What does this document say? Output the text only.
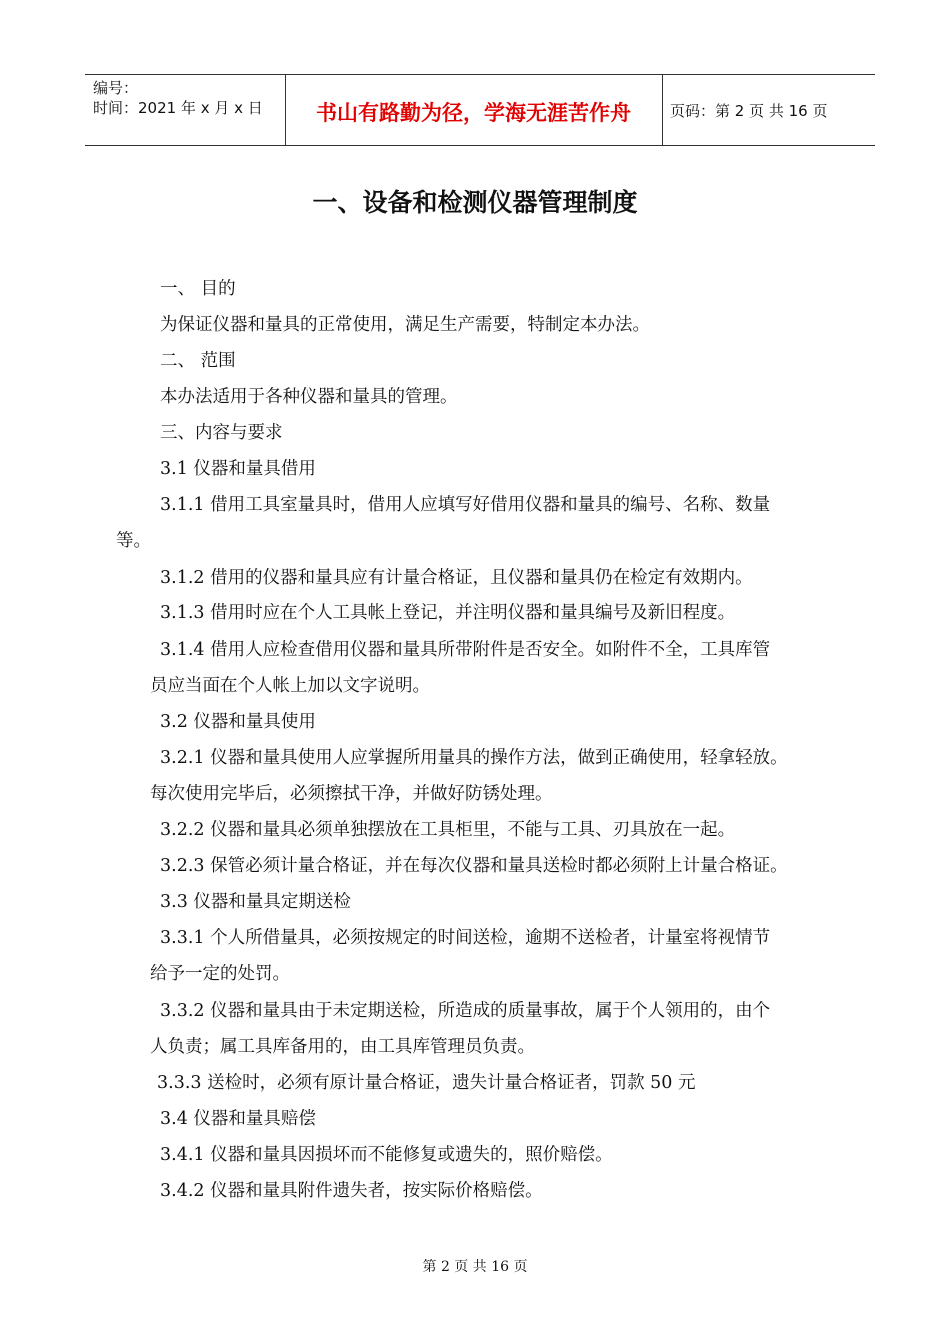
编号：
时间：2021 年 x 月 x 日	书山有路勤为径，学海无涯苦作舟	页码：第 2 页 共 16 页
一、设备和检测仪器管理制度
一、 目的
为保证仪器和量具的正常使用，满足生产需要，特制定本办法。
二、 范围
本办法适用于各种仪器和量具的管理。
三、内容与要求
3.1 仪器和量具借用
3.1.1 借用工具室量具时，借用人应填写好借用仪器和量具的编号、名称、数量
等。
3.1.2 借用的仪器和量具应有计量合格证，且仪器和量具仍在检定有效期内。
3.1.3 借用时应在个人工具帐上登记，并注明仪器和量具编号及新旧程度。
3.1.4 借用人应检查借用仪器和量具所带附件是否安全。如附件不全，工具库管
员应当面在个人帐上加以文字说明。
3.2 仪器和量具使用
3.2.1 仪器和量具使用人应掌握所用量具的操作方法，做到正确使用，轻拿轻放。
每次使用完毕后，必须擦拭干净，并做好防锈处理。
3.2.2 仪器和量具必须单独摆放在工具柜里，不能与工具、刃具放在一起。
3.2.3 保管必须计量合格证，并在每次仪器和量具送检时都必须附上计量合格证。
3.3 仪器和量具定期送检
3.3.1 个人所借量具，必须按规定的时间送检，逾期不送检者，计量室将视情节
给予一定的处罚。
3.3.2 仪器和量具由于未定期送检，所造成的质量事故，属于个人领用的，由个
人负责；属工具库备用的，由工具库管理员负责。
3.3.3 送检时，必须有原计量合格证，遗失计量合格证者，罚款 50 元
3.4 仪器和量具赔偿
3.4.1 仪器和量具因损坏而不能修复或遗失的，照价赔偿。
3.4.2 仪器和量具附件遗失者，按实际价格赔偿。
第 2 页 共 16 页
